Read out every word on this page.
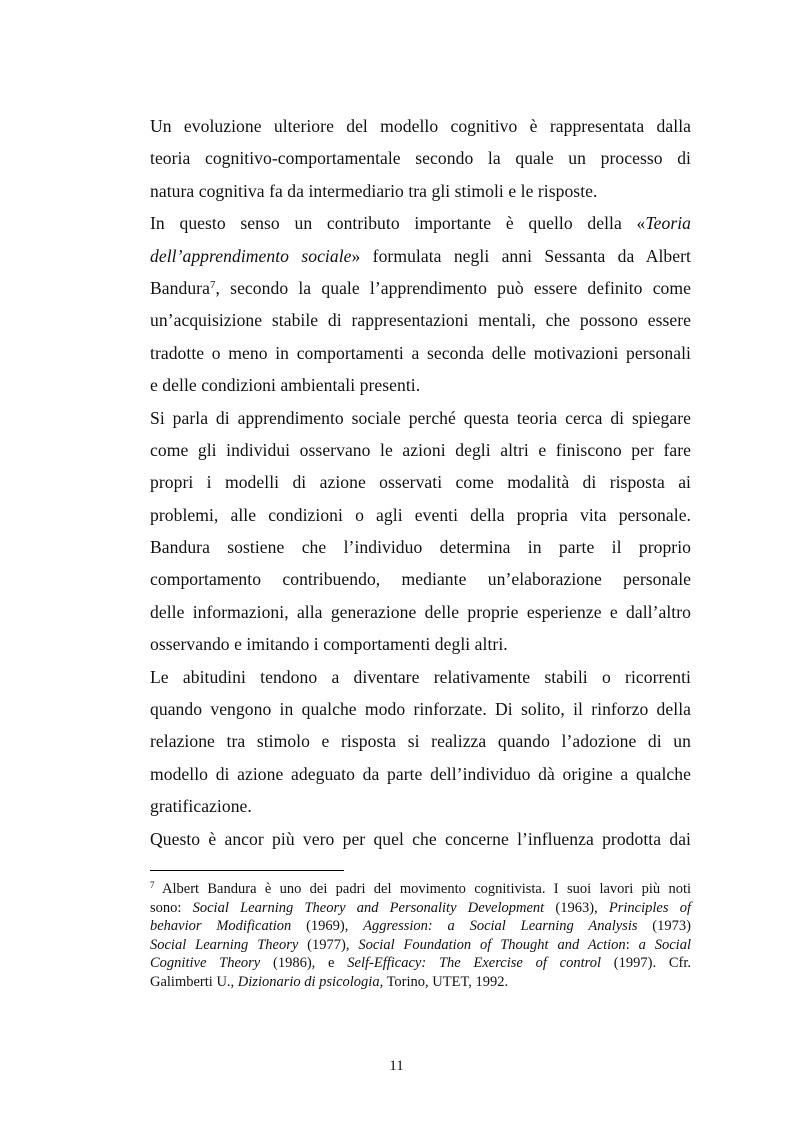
Un evoluzione ulteriore del modello cognitivo è rappresentata dalla
teoria cognitivo-comportamentale secondo la quale un processo di
natura cognitiva fa da intermediario tra gli stimoli e le risposte.
In questo senso un contributo importante è quello della «Teoria
dell’apprendimento sociale» formulata negli anni Sessanta da Albert
Bandura$^7$, secondo la quale l’apprendimento può essere definito come
un’acquisizione stabile di rappresentazioni mentali, che possono essere
tradotte o meno in comportamenti a seconda delle motivazioni personali
e delle condizioni ambientali presenti.
Si parla di apprendimento sociale perché questa teoria cerca di spiegare
come gli individui osservano le azioni degli altri e finiscono per fare
propri i modelli di azione osservati come modalità di risposta ai
problemi, alle condizioni o agli eventi della propria vita personale.
Bandura sostiene che l’individuo determina in parte il proprio
comportamento contribuendo, mediante un’elaborazione personale
delle informazioni, alla generazione delle proprie esperienze e dall’altro
osservando e imitando i comportamenti degli altri.
Le abitudini tendono a diventare relativamente stabili o ricorrenti
quando vengono in qualche modo rinforzate. Di solito, il rinforzo della
relazione tra stimolo e risposta si realizza quando l’adozione di un
modello di azione adeguato da parte dell’individuo dà origine a qualche
gratificazione.
Questo è ancor più vero per quel che concerne l’influenza prodotta dai
$^7$ Albert Bandura è uno dei padri del movimento cognitivista. I suoi lavori più noti
sono: Social Learning Theory and Personality Development (1963), Principles of
behavior Modification (1969), Aggression: a Social Learning Analysis (1973)
Social Learning Theory (1977), Social Foundation of Thought and Action: a Social
Cognitive Theory (1986), e Self-Efficacy: The Exercise of control (1997). Cfr.
Galimberti U., Dizionario di psicologia, Torino, UTET, 1992.
11
